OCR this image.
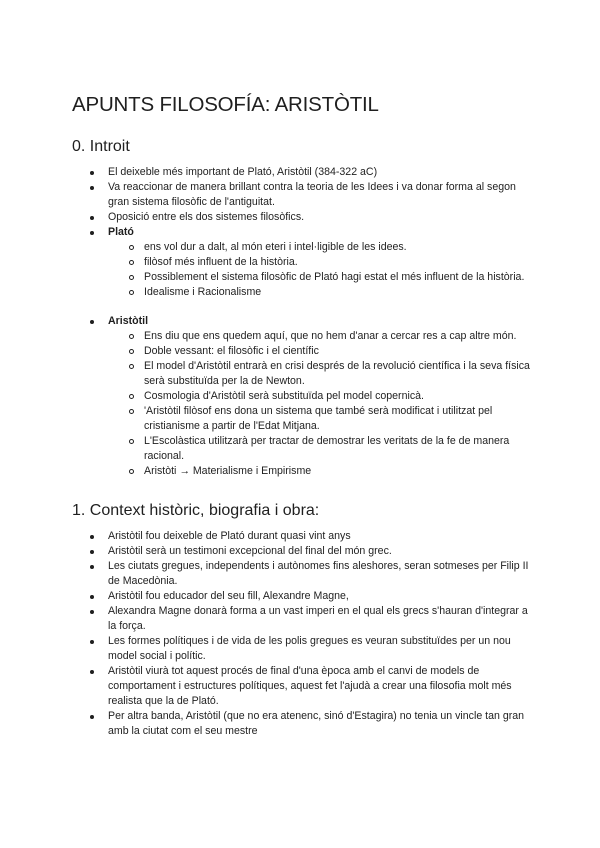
APUNTS FILOSOFÍA: ARISTÒTIL
0. Introit
El deixeble més important de Plató, Aristòtil (384-322 aC)
Va reaccionar de manera brillant contra la teoria de les Idees i va donar forma al segon gran sistema filosòfic de l'antiguitat.
Oposició entre els dos sistemes filosòfics.
Plató
ens vol dur a dalt, al món eteri i intel·ligible de les idees.
filòsof més influent de la història.
Possiblement el sistema filosòfic de Plató hagi estat el més influent de la història.
Idealisme i Racionalisme
Aristòtil
Ens diu que ens quedem aquí, que no hem d'anar a cercar res a cap altre món.
Doble vessant: el filosòfic i el científic
El model d'Aristòtil entrarà en crisi després de la revolució científica i la seva física serà substituïda per la de Newton.
Cosmologia d'Aristòtil serà substituïda pel model copernicà.
'Aristòtil filòsof ens dona un sistema que també serà modificat i utilitzat pel cristianisme a partir de l'Edat Mitjana.
L'Escolàstica utilitzarà per tractar de demostrar les veritats de la fe de manera racional.
Aristòti → Materialisme i Empirisme
1. Context històric, biografia i obra:
Aristòtil fou deixeble de Plató durant quasi vint anys
Aristòtil serà un testimoni excepcional del final del món grec.
Les ciutats gregues, independents i autònomes fins aleshores, seran sotmeses per Filip II de Macedònia.
Aristòtil fou educador del seu fill, Alexandre Magne,
Alexandra Magne donarà forma a un vast imperi en el qual els grecs s'hauran d'integrar a la força.
Les formes polítiques i de vida de les polis gregues es veuran substituïdes per un nou model social i polític.
Aristòtil viurà tot aquest procés de final d'una època amb el canvi de models de comportament i estructures polítiques, aquest fet l'ajudà a crear una filosofia molt més realista que la de Plató.
Per altra banda, Aristòtil (que no era atenenc, sinó d'Estagira) no tenia un vincle tan gran amb la ciutat com el seu mestre
